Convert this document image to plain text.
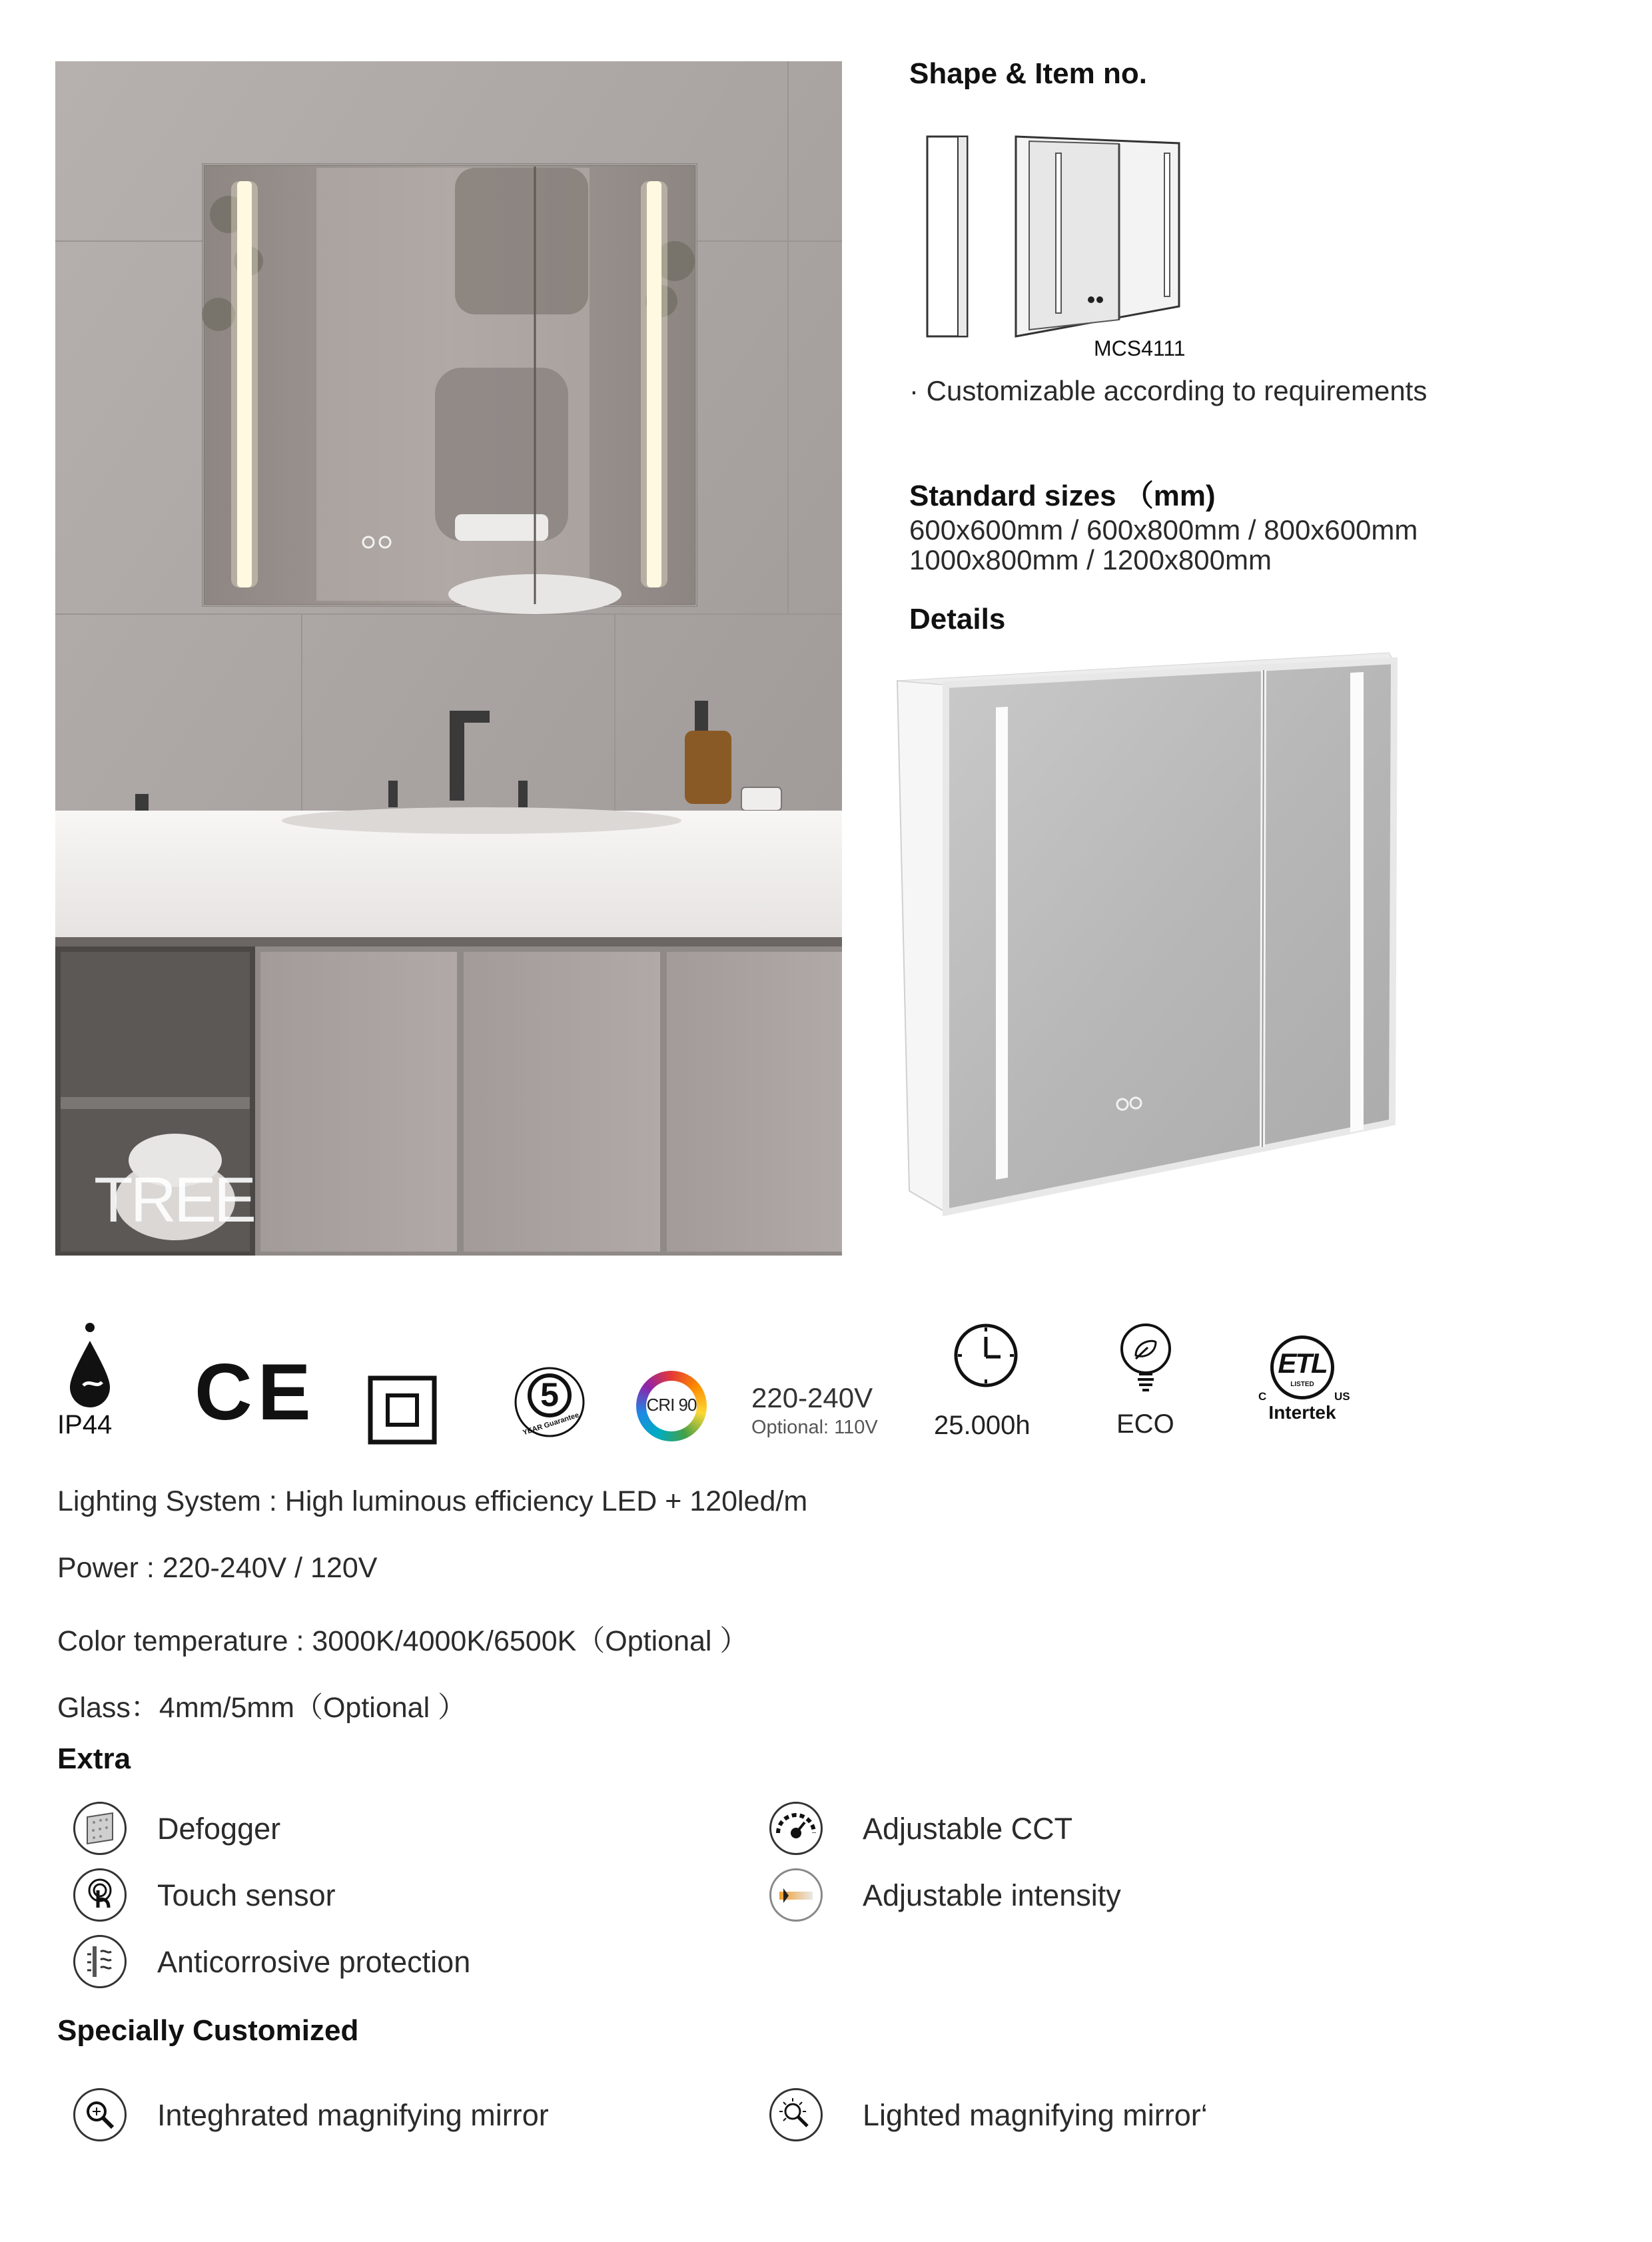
TREE
Shape & Item no.
MCS4111
· Customizable according to requirements
Standard sizes （mm)
600x600mm / 600x800mm / 800x600mm
1000x800mm / 1200x800mm
Details
IP44 CE	5
YEAR Guarantee
CRI 90	220-240V
Optional: 110V 25.000h	ECO
ETL
LISTED
C	US
Intertek
Lighting System : High luminous efficiency LED + 120led/m
Power : 220-240V / 120V
Color temperature : 3000K/4000K/6500K（Optional ）
Glass：4mm/5mm（Optional ）
Extra
Defogger
Touch sensor
Anticorrosive protection
Adjustable CCT
Adjustable intensity
Specially Customized
Integhrated magnifying mirror	Lighted magnifying mirror‘
